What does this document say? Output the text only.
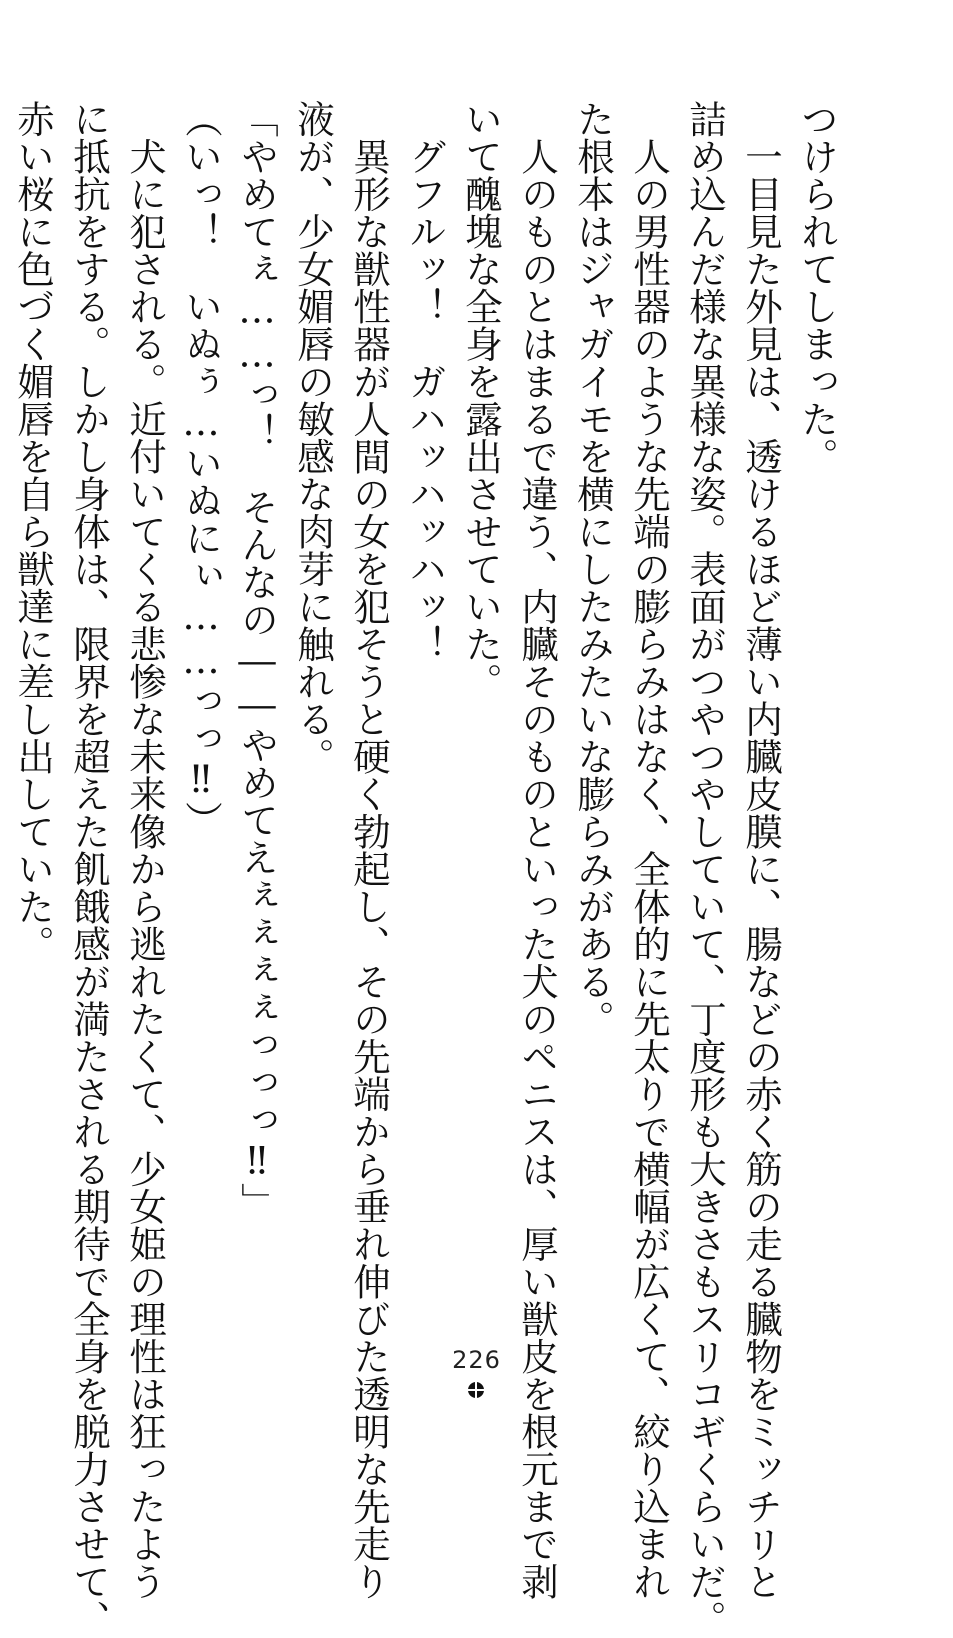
つけられてしまった。
　一目見た外見は、透けるほど薄い内臓皮膜に、腸などの赤く筋の走る臓物をミッチリと
詰め込んだ様な異様な姿。表面がつやつやしていて、丁度形も大きさもスリコギくらいだ。
　人の男性器のような先端の膨らみはなく、全体的に先太りで横幅が広くて、絞り込まれ
た根本はジャガイモを横にしたみたいな膨らみがある。
　人のものとはまるで違う、内臓そのものといった犬のペニスは、厚い獣皮を根元まで剥
いて醜塊な全身を露出させていた。
　グフルッ！　ガハッハッハッ！
　異形な獣性器が人間の女を犯そうと硬く勃起し、その先端から垂れ伸びた透明な先走り
液が、少女媚唇の敏感な肉芽に触れる。
「やめてぇ……っ！　そんなの――やめてえぇぇぇぇっっっ‼」
（いっ！　いぬぅ…いぬにぃ……っっ‼）
　犬に犯される。近付いてくる悲惨な未来像から逃れたくて、少女姫の理性は狂ったよう
に抵抗をする。しかし身体は、限界を超えた飢餓感が満たされる期待で全身を脱力させて、
赤い桜に色づく媚唇を自ら獣達に差し出していた。
226
